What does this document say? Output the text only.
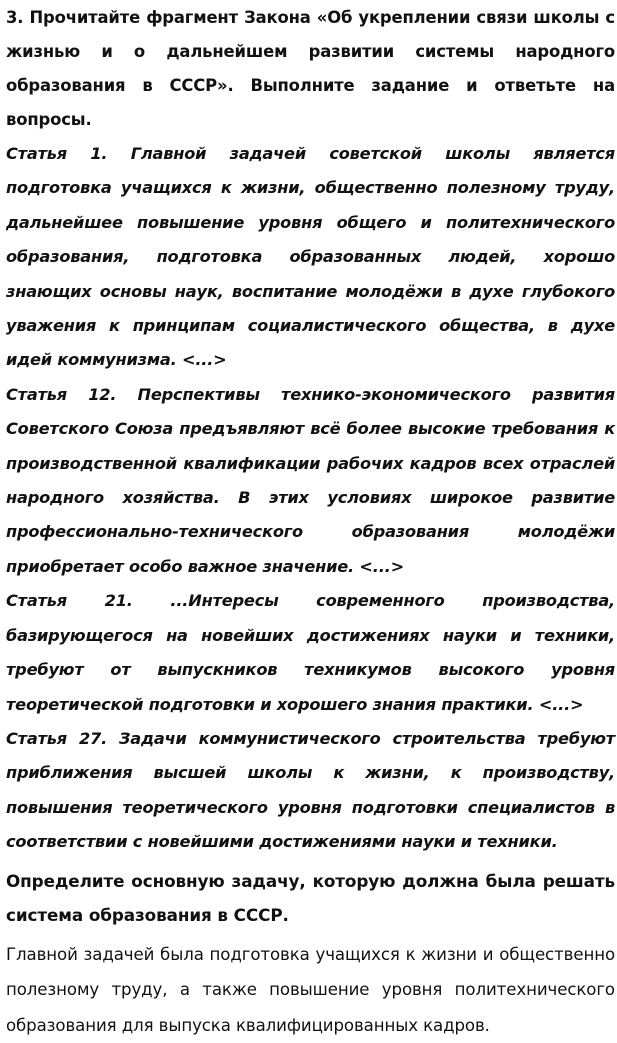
3. Прочитайте фрагмент Закона «Об укреплении связи школы с жизнью и о дальнейшем развитии системы народного образования в СССР». Выполните задание и ответьте на вопросы.

Статья 1. Главной задачей советской школы является подготовка учащихся к жизни, общественно полезному труду, дальнейшее повышение уровня общего и политехнического образования, подготовка образованных людей, хорошо знающих основы наук, воспитание молодёжи в духе глубокого уважения к принципам социалистического общества, в духе идей коммунизма. <...>

Статья 12. Перспективы технико-экономического развития Советского Союза предъявляют всё более высокие требования к производственной квалификации рабочих кадров всех отраслей народного хозяйства. В этих условиях широкое развитие профессионально-технического образования молодёжи приобретает особо важное значение. <...>

Статья 21. ...Интересы современного производства, базирующегося на новейших достижениях науки и техники, требуют от выпускников техникумов высокого уровня теоретической подготовки и хорошего знания практики. <...>

Статья 27. Задачи коммунистического строительства требуют приближения высшей школы к жизни, к производству, повышения теоретического уровня подготовки специалистов в соответствии с новейшими достижениями науки и техники.

Определите основную задачу, которую должна была решать система образования в СССР.

Главной задачей была подготовка учащихся к жизни и общественно полезному труду, а также повышение уровня политехнического образования для выпуска квалифицированных кадров.
